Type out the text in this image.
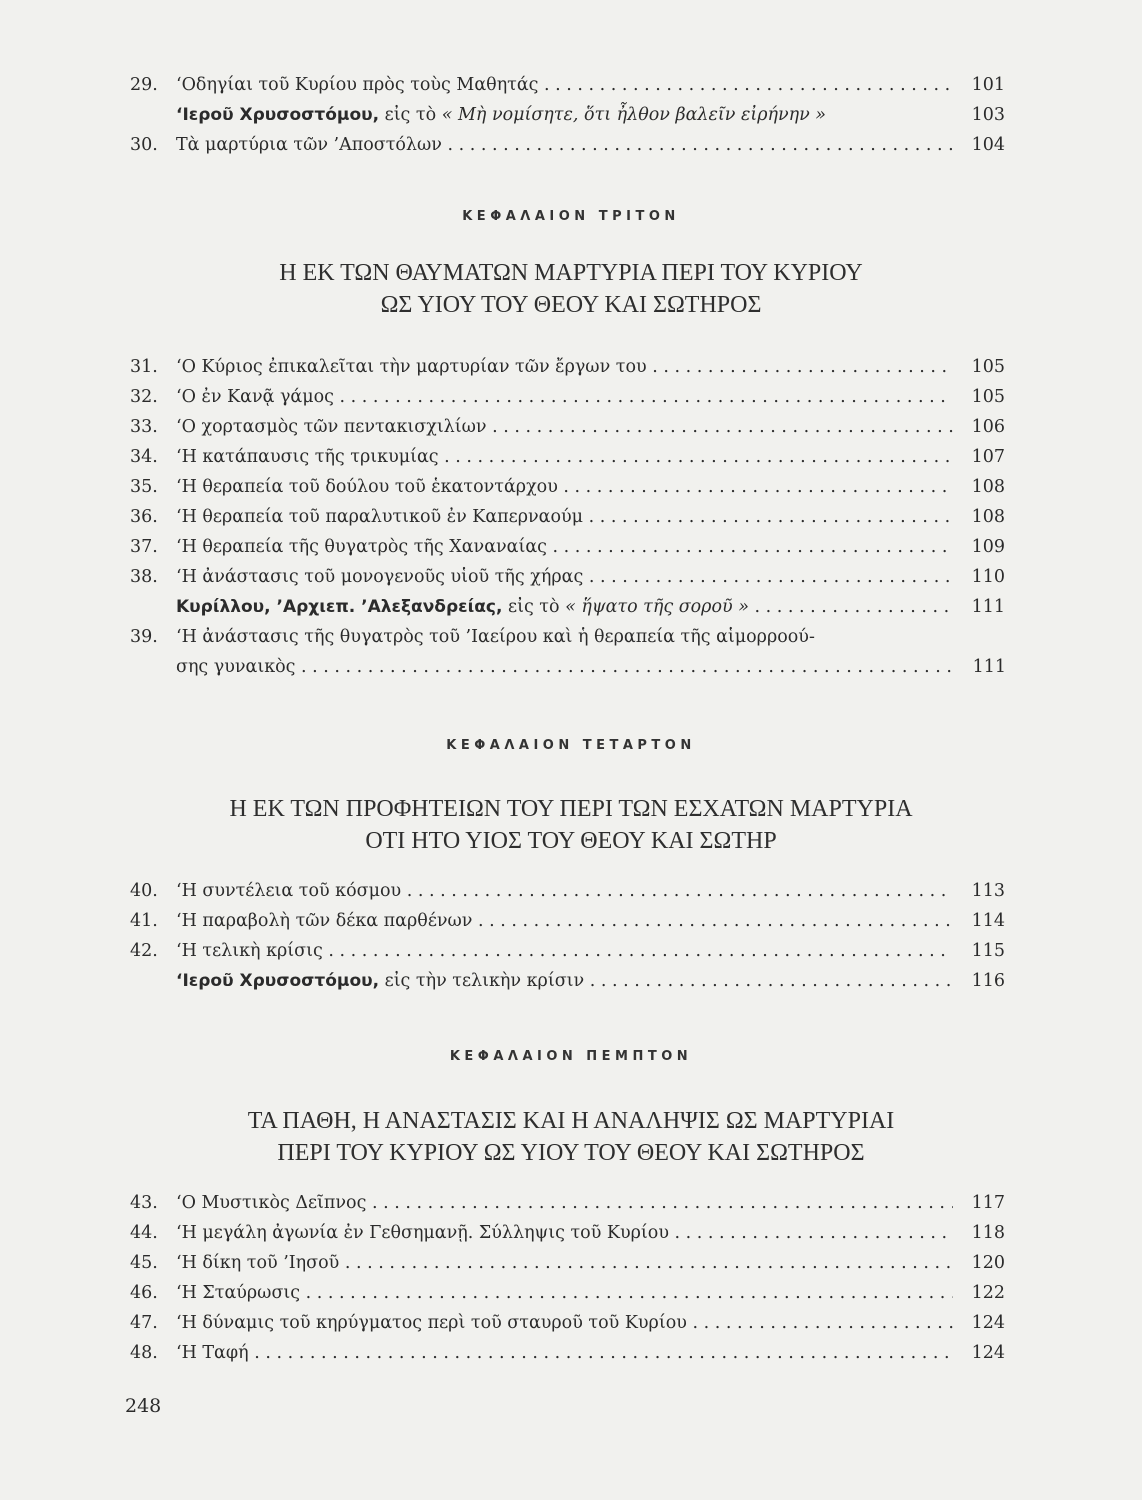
29.	‘Οδηγίαι τοῦ Κυρίου πρὸς τοὺς Μαθητάς . . .	101
‘Ιεροῦ Χρυσοστόμου, εἰς τὸ « Μὴ νομίσητε, ὅτι ἦλθον βαλεῖν εἰρήνην »	103
30.	Τὰ μαρτύρια τῶν ’Αποστόλων . . .	104
ΚΕΦΑΛΑΙΟΝ ΤΡΙΤΟΝ
Η ΕΚ ΤΩΝ ΘΑΥΜΑΤΩΝ ΜΑΡΤΥΡΙΑ ΠΕΡΙ ΤΟΥ ΚΥΡΙΟΥ
ΩΣ ΥΙΟΥ ΤΟΥ ΘΕΟΥ ΚΑΙ ΣΩΤΗΡΟΣ
31.	‘Ο Κύριος ἐπικαλεῖται τὴν μαρτυρίαν τῶν ἔργων του . . .	105
32.	‘Ο ἐν Κανᾷ γάμος . . .	105
33.	‘Ο χορτασμὸς τῶν πεντακισχιλίων . . .	106
34.	‘Η κατάπαυσις τῆς τρικυμίας . . .	107
35.	‘Η θεραπεία τοῦ δούλου τοῦ ἑκατοντάρχου . . .	108
36.	‘Η θεραπεία τοῦ παραλυτικοῦ ἐν Καπερναούμ . . .	108
37.	‘Η θεραπεία τῆς θυγατρὸς τῆς Χαναναίας . . .	109
38.	‘Η ἀνάστασις τοῦ μονογενοῦς υἱοῦ τῆς χήρας . . .	110
Κυρίλλου, ’Αρχιεπ. ’Αλεξανδρείας, εἰς τὸ « ἥψατο τῆς σοροῦ » . . .	111
39.	‘Η ἀνάστασις τῆς θυγατρὸς τοῦ ’Ιαείρου καὶ ἡ θεραπεία τῆς αἱμορροού-
σης γυναικὸς . . .	111
ΚΕΦΑΛΑΙΟΝ ΤΕΤΑΡΤΟΝ
Η ΕΚ ΤΩΝ ΠΡΟΦΗΤΕΙΩΝ ΤΟΥ ΠΕΡΙ ΤΩΝ ΕΣΧΑΤΩΝ ΜΑΡΤΥΡΙΑ
ΟΤΙ ΗΤΟ ΥΙΟΣ ΤΟΥ ΘΕΟΥ ΚΑΙ ΣΩΤΗΡ
40.	‘Η συντέλεια τοῦ κόσμου . . .	113
41.	‘Η παραβολὴ τῶν δέκα παρθένων . . .	114
42.	‘Η τελικὴ κρίσις . . .	115
‘Ιεροῦ Χρυσοστόμου, εἰς τὴν τελικὴν κρίσιν . . .	116
ΚΕΦΑΛΑΙΟΝ ΠΕΜΠΤΟΝ
ΤΑ ΠΑΘΗ, Η ΑΝΑΣΤΑΣΙΣ ΚΑΙ Η ΑΝΑΛΗΨΙΣ ΩΣ ΜΑΡΤΥΡΙΑΙ
ΠΕΡΙ ΤΟΥ ΚΥΡΙΟΥ ΩΣ ΥΙΟΥ ΤΟΥ ΘΕΟΥ ΚΑΙ ΣΩΤΗΡΟΣ
43.	‘Ο Μυστικὸς Δεῖπνος . . .	117
44.	‘Η μεγάλη ἀγωνία ἐν Γεθσημανῇ. Σύλληψις τοῦ Κυρίου . . .	118
45.	‘Η δίκη τοῦ ’Ιησοῦ . . .	120
46.	‘Η Σταύρωσις . . .	122
47.	‘Η δύναμις τοῦ κηρύγματος περὶ τοῦ σταυροῦ τοῦ Κυρίου . . .	124
48.	‘Η Ταφή . . .	124
248
